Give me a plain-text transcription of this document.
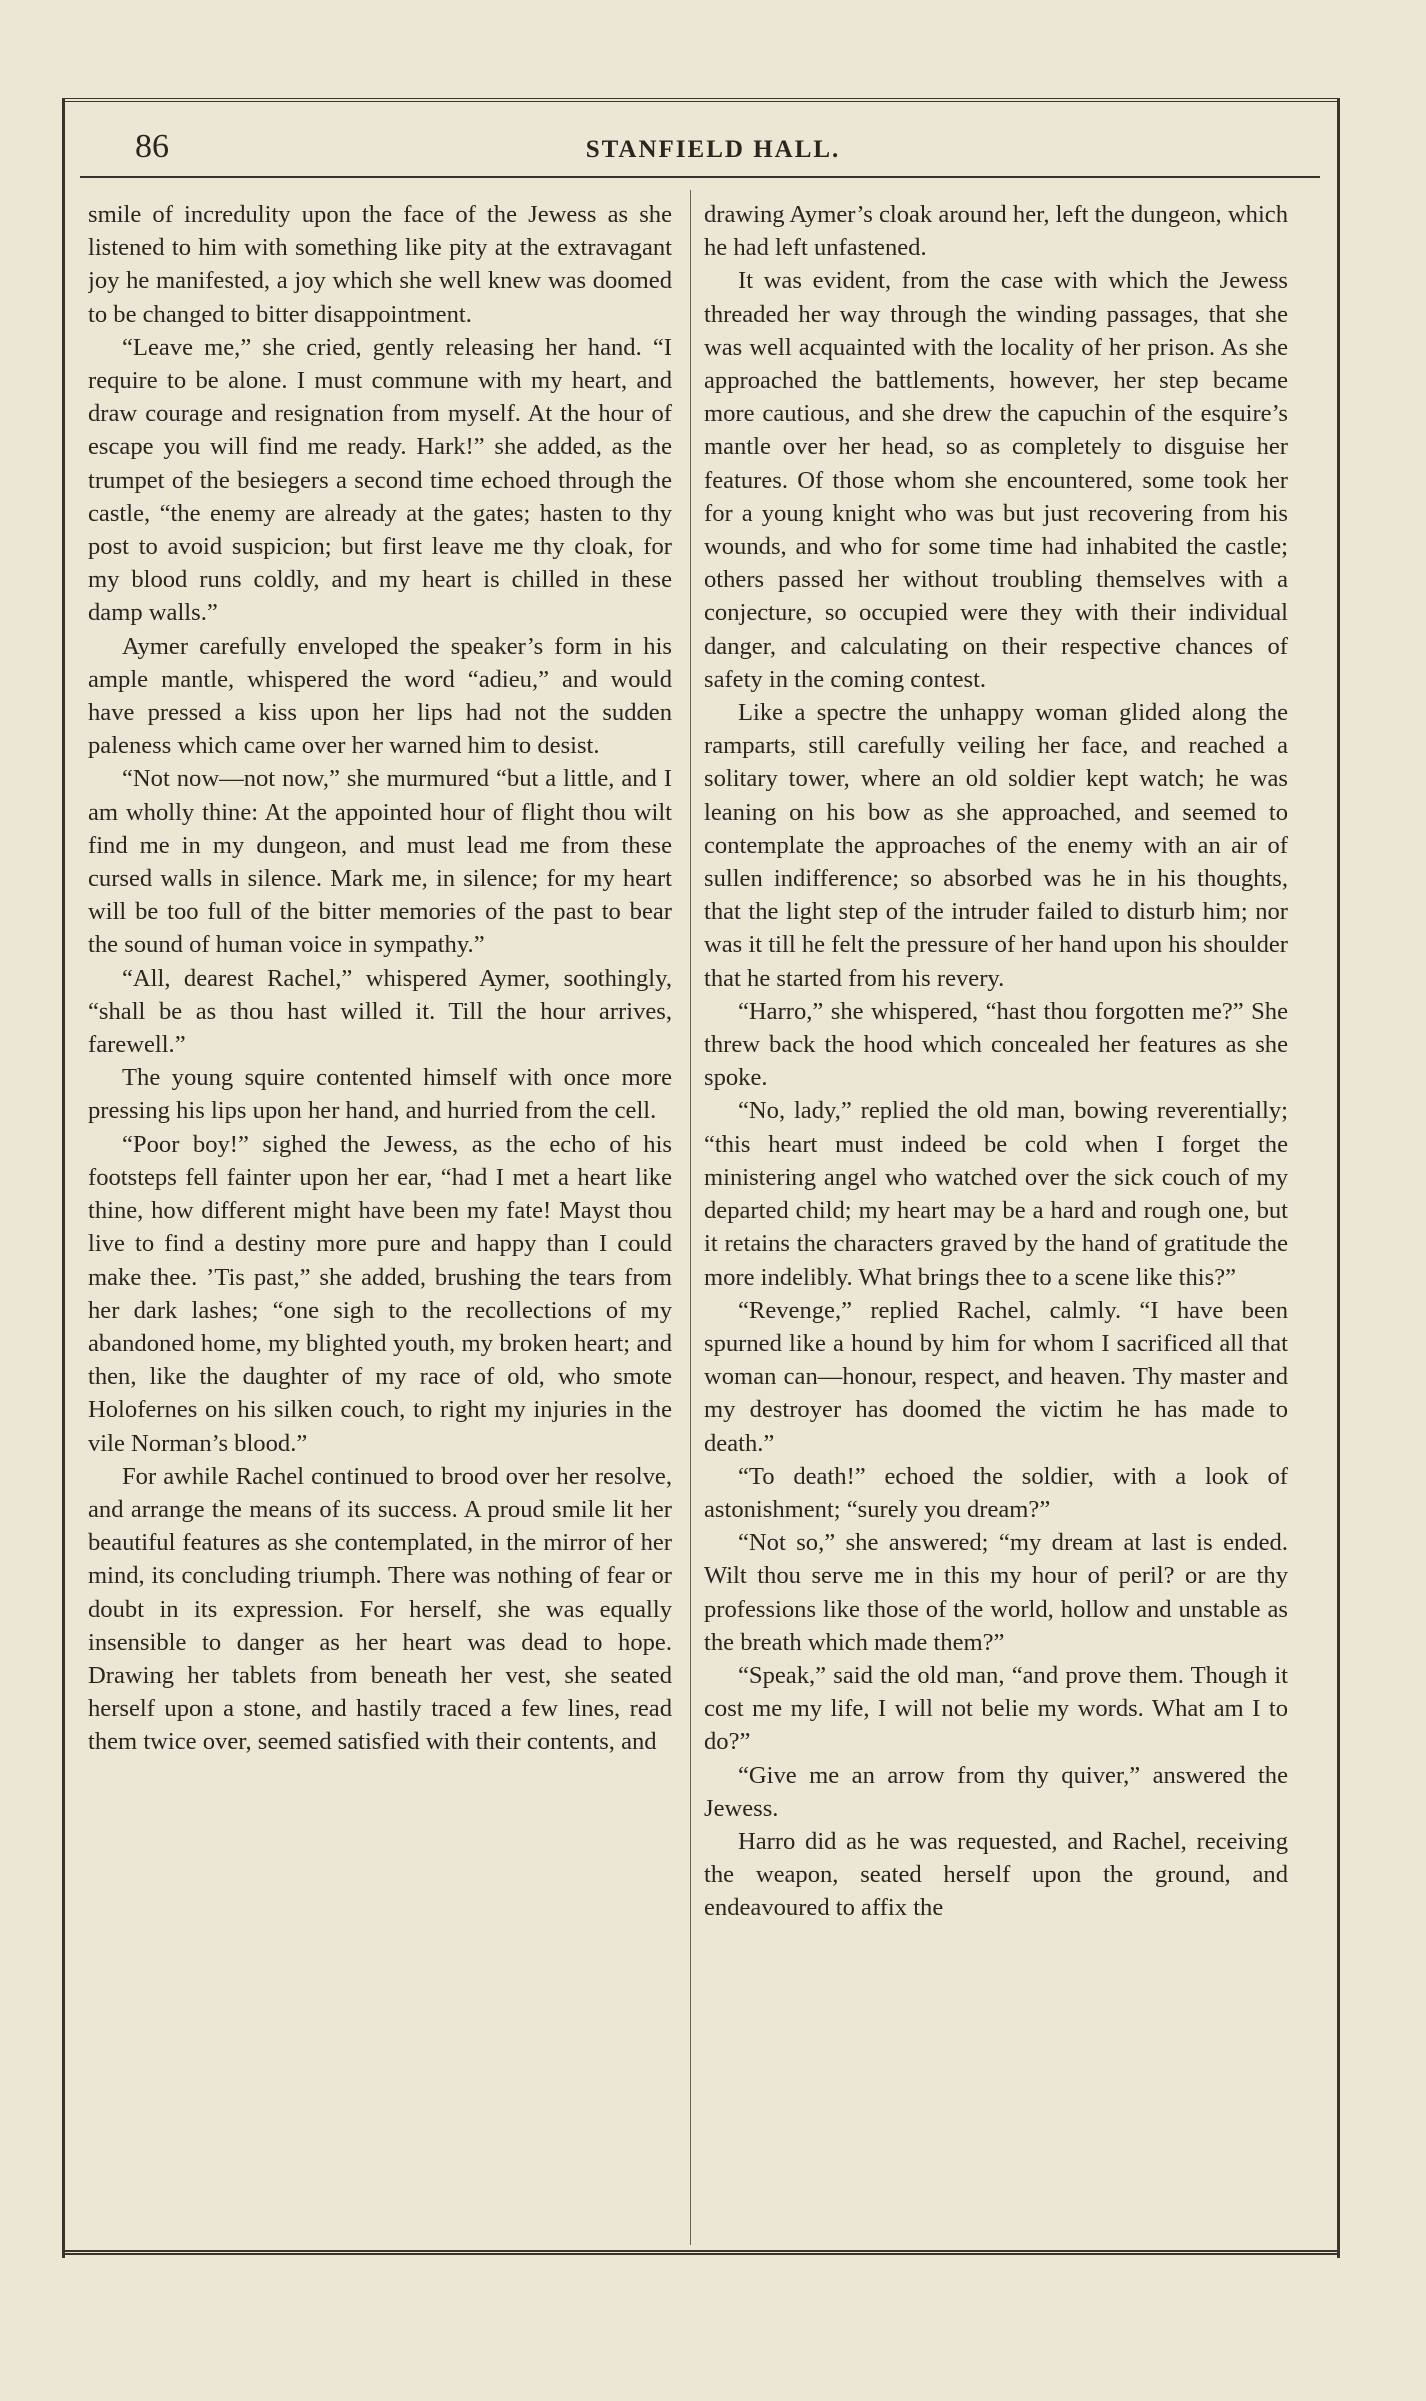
86	STANFIELD HALL.

smile of incredulity upon the face of the Jewess as she listened to him with something like pity at the extravagant joy he manifested, a joy which she well knew was doomed to be changed to bitter disappointment.

“Leave me,” she cried, gently releasing her hand. “I require to be alone. I must commune with my heart, and draw courage and resignation from myself. At the hour of escape you will find me ready. Hark!” she added, as the trumpet of the besiegers a second time echoed through the castle, “the enemy are already at the gates; hasten to thy post to avoid suspicion; but first leave me thy cloak, for my blood runs coldly, and my heart is chilled in these damp walls.”

Aymer carefully enveloped the speaker’s form in his ample mantle, whispered the word “adieu,” and would have pressed a kiss upon her lips had not the sudden paleness which came over her warned him to desist.

“Not now—not now,” she murmured “but a little, and I am wholly thine: At the appointed hour of flight thou wilt find me in my dungeon, and must lead me from these cursed walls in silence. Mark me, in silence; for my heart will be too full of the bitter memories of the past to bear the sound of human voice in sympathy.”

“All, dearest Rachel,” whispered Aymer, soothingly, “shall be as thou hast willed it. Till the hour arrives, farewell.”

The young squire contented himself with once more pressing his lips upon her hand, and hurried from the cell.

“Poor boy!” sighed the Jewess, as the echo of his footsteps fell fainter upon her ear, “had I met a heart like thine, how different might have been my fate! Mayst thou live to find a destiny more pure and happy than I could make thee. ’Tis past,” she added, brushing the tears from her dark lashes; “one sigh to the recollections of my abandoned home, my blighted youth, my broken heart; and then, like the daughter of my race of old, who smote Holofernes on his silken couch, to right my injuries in the vile Norman’s blood.”

For awhile Rachel continued to brood over her resolve, and arrange the means of its success. A proud smile lit her beautiful features as she contemplated, in the mirror of her mind, its concluding triumph. There was nothing of fear or doubt in its expression. For herself, she was equally insensible to danger as her heart was dead to hope. Drawing her tablets from beneath her vest, she seated herself upon a stone, and hastily traced a few lines, read them twice over, seemed satisfied with their contents, and

drawing Aymer’s cloak around her, left the dungeon, which he had left unfastened.

It was evident, from the case with which the Jewess threaded her way through the winding passages, that she was well acquainted with the locality of her prison. As she approached the battlements, however, her step became more cautious, and she drew the capuchin of the esquire’s mantle over her head, so as completely to disguise her features. Of those whom she encountered, some took her for a young knight who was but just recovering from his wounds, and who for some time had inhabited the castle; others passed her without troubling themselves with a conjecture, so occupied were they with their individual danger, and calculating on their respective chances of safety in the coming contest.

Like a spectre the unhappy woman glided along the ramparts, still carefully veiling her face, and reached a solitary tower, where an old soldier kept watch; he was leaning on his bow as she approached, and seemed to contemplate the approaches of the enemy with an air of sullen indifference; so absorbed was he in his thoughts, that the light step of the intruder failed to disturb him; nor was it till he felt the pressure of her hand upon his shoulder that he started from his revery.

“Harro,” she whispered, “hast thou forgotten me?” She threw back the hood which concealed her features as she spoke.

“No, lady,” replied the old man, bowing reverentially; “this heart must indeed be cold when I forget the ministering angel who watched over the sick couch of my departed child; my heart may be a hard and rough one, but it retains the characters graved by the hand of gratitude the more indelibly. What brings thee to a scene like this?”

“Revenge,” replied Rachel, calmly. “I have been spurned like a hound by him for whom I sacrificed all that woman can—honour, respect, and heaven. Thy master and my destroyer has doomed the victim he has made to death.”

“To death!” echoed the soldier, with a look of astonishment; “surely you dream?”

“Not so,” she answered; “my dream at last is ended. Wilt thou serve me in this my hour of peril? or are thy professions like those of the world, hollow and unstable as the breath which made them?”

“Speak,” said the old man, “and prove them. Though it cost me my life, I will not belie my words. What am I to do?”

“Give me an arrow from thy quiver,” answered the Jewess.

Harro did as he was requested, and Rachel, receiving the weapon, seated herself upon the ground, and endeavoured to affix the
